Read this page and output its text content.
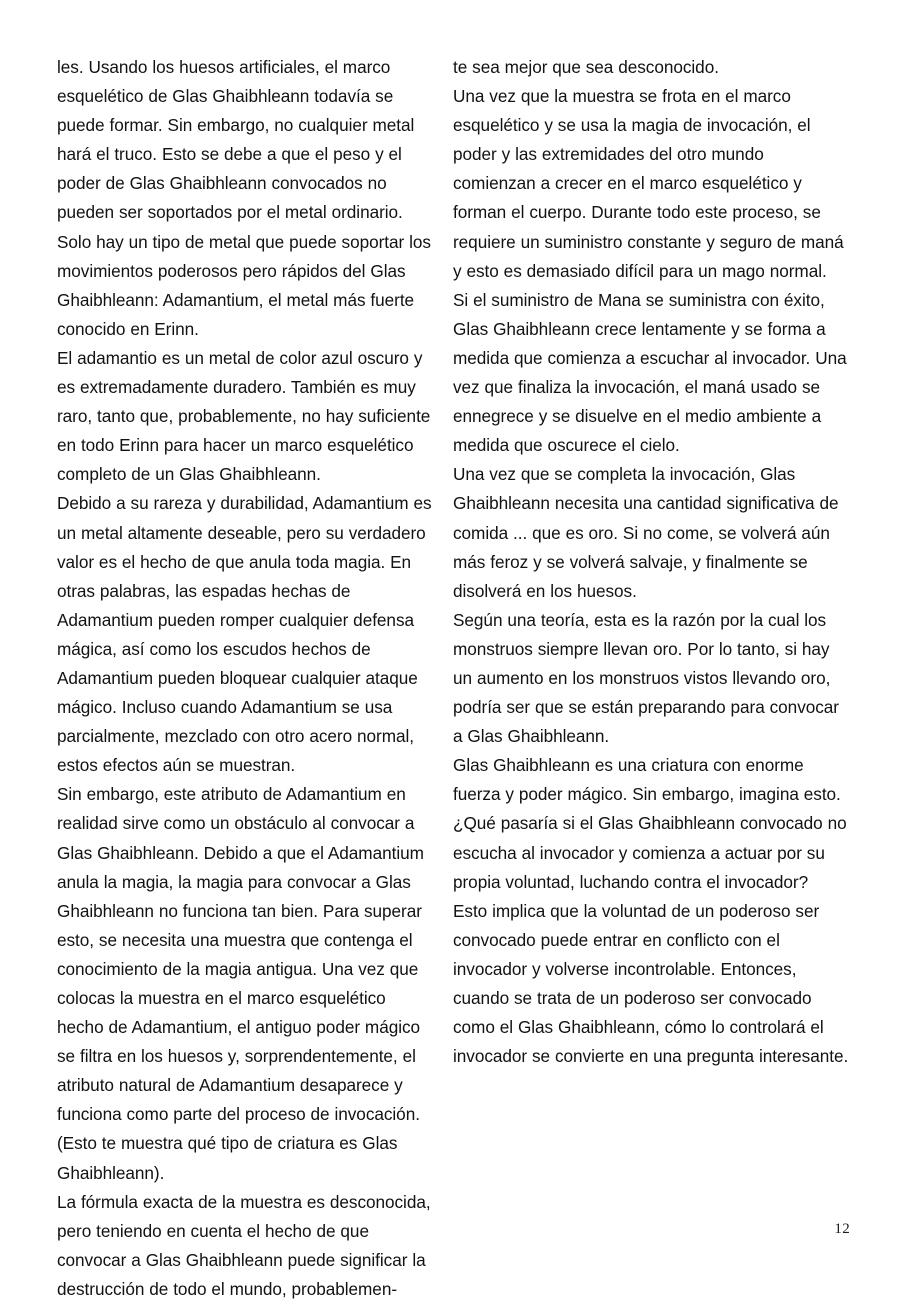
les. Usando los huesos artificiales, el marco esquelético de Glas Ghaibhleann todavía se puede formar. Sin embargo, no cualquier metal hará el truco. Esto se debe a que el peso y el poder de Glas Ghaibhleann convocados no pueden ser soportados por el metal ordinario. Solo hay un tipo de metal que puede soportar los movimientos poderosos pero rápidos del Glas Ghaibhleann: Adamantium, el metal más fuerte conocido en Erinn.

El adamantio es un metal de color azul oscuro y es extremadamente duradero. También es muy raro, tanto que, probablemente, no hay suficiente en todo Erinn para hacer un marco esquelético completo de un Glas Ghaibhleann.

Debido a su rareza y durabilidad, Adamantium es un metal altamente deseable, pero su verdadero valor es el hecho de que anula toda magia. En otras palabras, las espadas hechas de Adamantium pueden romper cualquier defensa mágica, así como los escudos hechos de Adamantium pueden bloquear cualquier ataque mágico. Incluso cuando Adamantium se usa parcialmente, mezclado con otro acero normal, estos efectos aún se muestran.

Sin embargo, este atributo de Adamantium en realidad sirve como un obstáculo al convocar a Glas Ghaibhleann. Debido a que el Adamantium anula la magia, la magia para convocar a Glas Ghaibhleann no funciona tan bien. Para superar esto, se necesita una muestra que contenga el conocimiento de la magia antigua. Una vez que colocas la muestra en el marco esquelético hecho de Adamantium, el antiguo poder mágico se filtra en los huesos y, sorprendentemente, el atributo natural de Adamantium desaparece y funciona como parte del proceso de invocación. (Esto te muestra qué tipo de criatura es Glas Ghaibhleann).

La fórmula exacta de la muestra es desconocida, pero teniendo en cuenta el hecho de que convocar a Glas Ghaibhleann puede significar la destrucción de todo el mundo, probablemen-

te sea mejor que sea desconocido.

Una vez que la muestra se frota en el marco esquelético y se usa la magia de invocación, el poder y las extremidades del otro mundo comienzan a crecer en el marco esquelético y forman el cuerpo. Durante todo este proceso, se requiere un suministro constante y seguro de maná y esto es demasiado difícil para un mago normal.

Si el suministro de Mana se suministra con éxito, Glas Ghaibhleann crece lentamente y se forma a medida que comienza a escuchar al invocador. Una vez que finaliza la invocación, el maná usado se ennegrece y se disuelve en el medio ambiente a medida que oscurece el cielo.

Una vez que se completa la invocación, Glas Ghaibhleann necesita una cantidad significativa de comida ... que es oro. Si no come, se volverá aún más feroz y se volverá salvaje, y finalmente se disolverá en los huesos.

Según una teoría, esta es la razón por la cual los monstruos siempre llevan oro. Por lo tanto, si hay un aumento en los monstruos vistos llevando oro, podría ser que se están preparando para convocar a Glas Ghaibhleann.

Glas Ghaibhleann es una criatura con enorme fuerza y poder mágico. Sin embargo, imagina esto. ¿Qué pasaría si el Glas Ghaibhleann convocado no escucha al invocador y comienza a actuar por su propia voluntad, luchando contra el invocador?

Esto implica que la voluntad de un poderoso ser convocado puede entrar en conflicto con el invocador y volverse incontrolable. Entonces, cuando se trata de un poderoso ser convocado como el Glas Ghaibhleann, cómo lo controlará el invocador se convierte en una pregunta interesante.

12
